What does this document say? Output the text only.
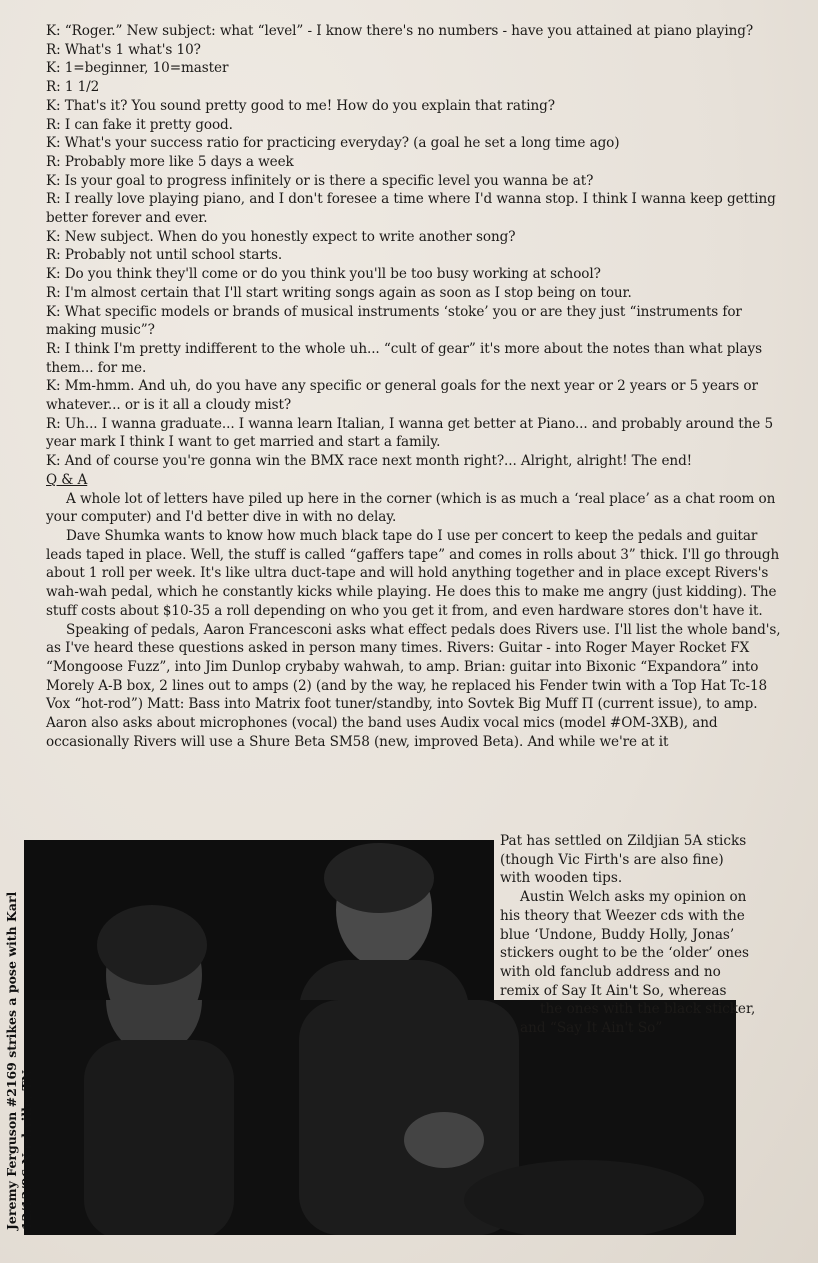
K: “Roger.” New subject: what “level” - I know there's no numbers - have you attained at piano playing?

R: What's 1 what's 10?

K: 1=beginner, 10=master

R: 1 1/2

K: That's it? You sound pretty good to me! How do you explain that rating?

R: I can fake it pretty good.

K: What's your success ratio for practicing everyday? (a goal he set a long time ago)

R: Probably more like 5 days a week

K: Is your goal to progress infinitely or is there a specific level you wanna be at?

R: I really love playing piano, and I don't foresee a time where I'd wanna stop. I think I wanna keep getting better forever and ever.

K: New subject. When do you honestly expect to write another song?

R: Probably not until school starts.

K: Do you think they'll come or do you think you'll be too busy working at school?

R: I'm almost certain that I'll start writing songs again as soon as I stop being on tour.

K: What specific models or brands of musical instruments ‘stoke’ you or are they just “instruments for making music”?

R: I think I'm pretty indifferent to the whole uh... “cult of gear” it's more about the notes than what plays them... for me.

K: Mm-hmm. And uh, do you have any specific or general goals for the next year or 2 years or 5 years or whatever... or is it all a cloudy mist?

R: Uh... I wanna graduate... I wanna learn Italian, I wanna get better at Piano... and probably around the 5 year mark I think I want to get married and start a family.

K: And of course you're gonna win the BMX race next month right?... Alright, alright! The end!

Q & A

A whole lot of letters have piled up here in the corner (which is as much a ‘real place’ as a chat room on your computer) and I'd better dive in with no delay.

Dave Shumka wants to know how much black tape do I use per concert to keep the pedals and guitar leads taped in place. Well, the stuff is called “gaffers tape” and comes in rolls about 3” thick. I'll go through about 1 roll per week. It's like ultra duct-tape and will hold anything together and in place except Rivers's wah-wah pedal, which he constantly kicks while playing. He does this to make me angry (just kidding). The stuff costs about $10-35 a roll depending on who you get it from, and even hardware stores don't have it.

Speaking of pedals, Aaron Francesconi asks what effect pedals does Rivers use. I'll list the whole band's, as I've heard these questions asked in person many times. Rivers: Guitar - into Roger Mayer Rocket FX “Mongoose Fuzz”, into Jim Dunlop crybaby wahwah, to amp. Brian: guitar into Bixonic “Expandora” into Morely A-B box, 2 lines out to amps (2) (and by the way, he replaced his Fender twin with a Top Hat Tc-18 Vox “hot-rod”) Matt: Bass into Matrix foot tuner/standby, into Sovtek Big Muff Π (current issue), to amp. Aaron also asks about microphones (vocal) the band uses Audix vocal mics (model #OM-3XB), and occasionally Rivers will use a Shure Beta SM58 (new, improved Beta). And while we're at it

Jeremy Ferguson #2169 strikes a pose with Karl 12/13/96 Nashville, TN

Pat has settled on Zildjian 5A sticks

(though Vic Firth's are also fine)

with wooden tips.

Austin Welch asks my opinion on

his theory that Weezer cds with the

blue ‘Undone, Buddy Holly, Jonas’

stickers ought to be the ‘older’ ones

with old fanclub address and no

remix of Say It Ain't So, whereas

the ones with the black sticker,

and “Say It Ain't So”
